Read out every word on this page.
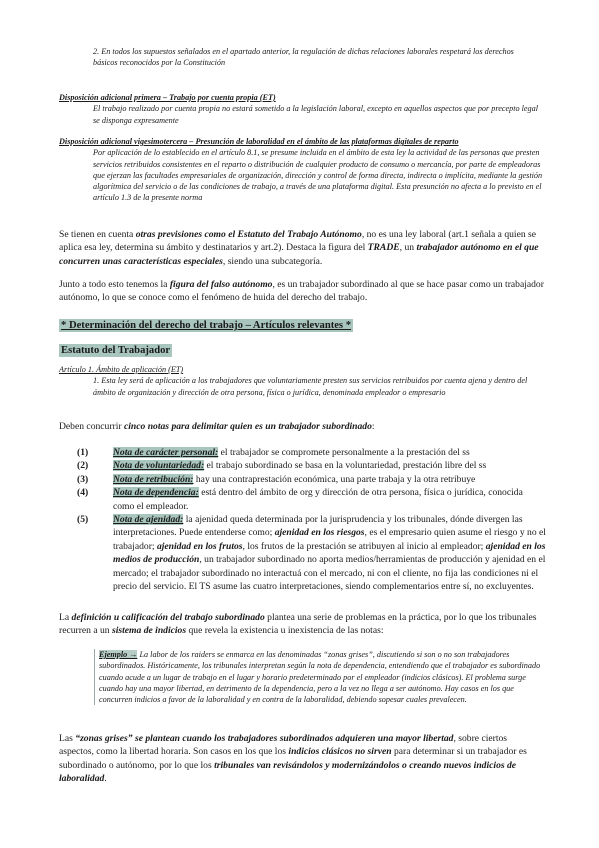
2. En todos los supuestos señalados en el apartado anterior, la regulación de dichas relaciones laborales respetará los derechos básicos reconocidos por la Constitución

Disposición adicional primera – Trabajo por cuenta propia (ET)
El trabajo realizado por cuenta propia no estará sometido a la legislación laboral, excepto en aquellos aspectos que por precepto legal se disponga expresamente
Disposición adicional vigesimotercera – Presunción de laboralidad en el ámbito de las plataformas digitales de reparto
Por aplicación de lo establecido en el artículo 8.1, se presume incluida en el ámbito de esta ley la actividad de las personas que presten servicios retribuidos consistentes en el reparto o distribución de cualquier producto de consumo o mercancía, por parte de empleadoras que ejerzan las facultades empresariales de organización, dirección y control de forma directa, indirecta o implícita, mediante la gestión algorítmica del servicio o de las condiciones de trabajo, a través de una plataforma digital. Esta presunción no afecta a lo previsto en el artículo 1.3 de la presente norma

Se tienen en cuenta otras previsiones como el Estatuto del Trabajo Autónomo, no es una ley laboral (art.1 señala a quien se aplica esa ley, determina su ámbito y destinatarios y art.2). Destaca la figura del TRADE, un trabajador autónomo en el que concurren unas características especiales, siendo una subcategoría.

Junto a todo esto tenemos la figura del falso autónomo, es un trabajador subordinado al que se hace pasar como un trabajador autónomo, lo que se conoce como el fenómeno de huida del derecho del trabajo.

* Determinación del derecho del trabajo – Artículos relevantes *
Estatuto del Trabajador
Artículo 1. Ámbito de aplicación (ET)
1. Esta ley será de aplicación a los trabajadores que voluntariamente presten sus servicios retribuidos por cuenta ajena y dentro del ámbito de organización y dirección de otra persona, física o jurídica, denominada empleador o empresario

Deben concurrir cinco notas para delimitar quien es un trabajador subordinado:

(1)	Nota de carácter personal: el trabajador se compromete personalmente a la prestación del ss
(2)	Nota de voluntariedad: el trabajo subordinado se basa en la voluntariedad, prestación libre del ss
(3)	Nota de retribución: hay una contraprestación económica, una parte trabaja y la otra retribuye
(4)	Nota de dependencia: está dentro del ámbito de org y dirección de otra persona, física o jurídica, conocida como el empleador.
(5)	Nota de ajenidad: la ajenidad queda determinada por la jurisprudencia y los tribunales, dónde divergen las interpretaciones. Puede entenderse como; ajenidad en los riesgos, es el empresario quien asume el riesgo y no el trabajador; ajenidad en los frutos, los frutos de la prestación se atribuyen al inicio al empleador; ajenidad en los medios de producción, un trabajador subordinado no aporta medios/herramientas de producción y ajenidad en el mercado; el trabajador subordinado no interactuá con el mercado, ni con el cliente, no fija las condiciones ni el precio del servicio. El TS asume las cuatro interpretaciones, siendo complementarios entre sí, no excluyentes.

La definición u calificación del trabajo subordinado plantea una serie de problemas en la práctica, por lo que los tribunales recurren a un sistema de indicios que revela la existencia u inexistencia de las notas:

Ejemplo → La labor de los raiders se enmarca en las denominadas “zonas grises”, discutiendo si son o no son trabajadores subordinados. Históricamente, los tribunales interpretan según la nota de dependencia, entendiendo que el trabajador es subordinado cuando acude a un lugar de trabajo en el lugar y horario predeterminado por el empleador (indicios clásicos). El problema surge cuando hay una mayor libertad, en detrimento de la dependencia, pero a la vez no llega a ser autónomo. Hay casos en los que concurren indicios a favor de la laboralidad y en contra de la laboralidad, debiendo sopesar cuales prevalecen.

Las “zonas grises” se plantean cuando los trabajadores subordinados adquieren una mayor libertad, sobre ciertos aspectos, como la libertad horaria. Son casos en los que los indicios clásicos no sirven para determinar si un trabajador es subordinado o autónomo, por lo que los tribunales van revisándolos y modernizándolos o creando nuevos indicios de laboralidad.
